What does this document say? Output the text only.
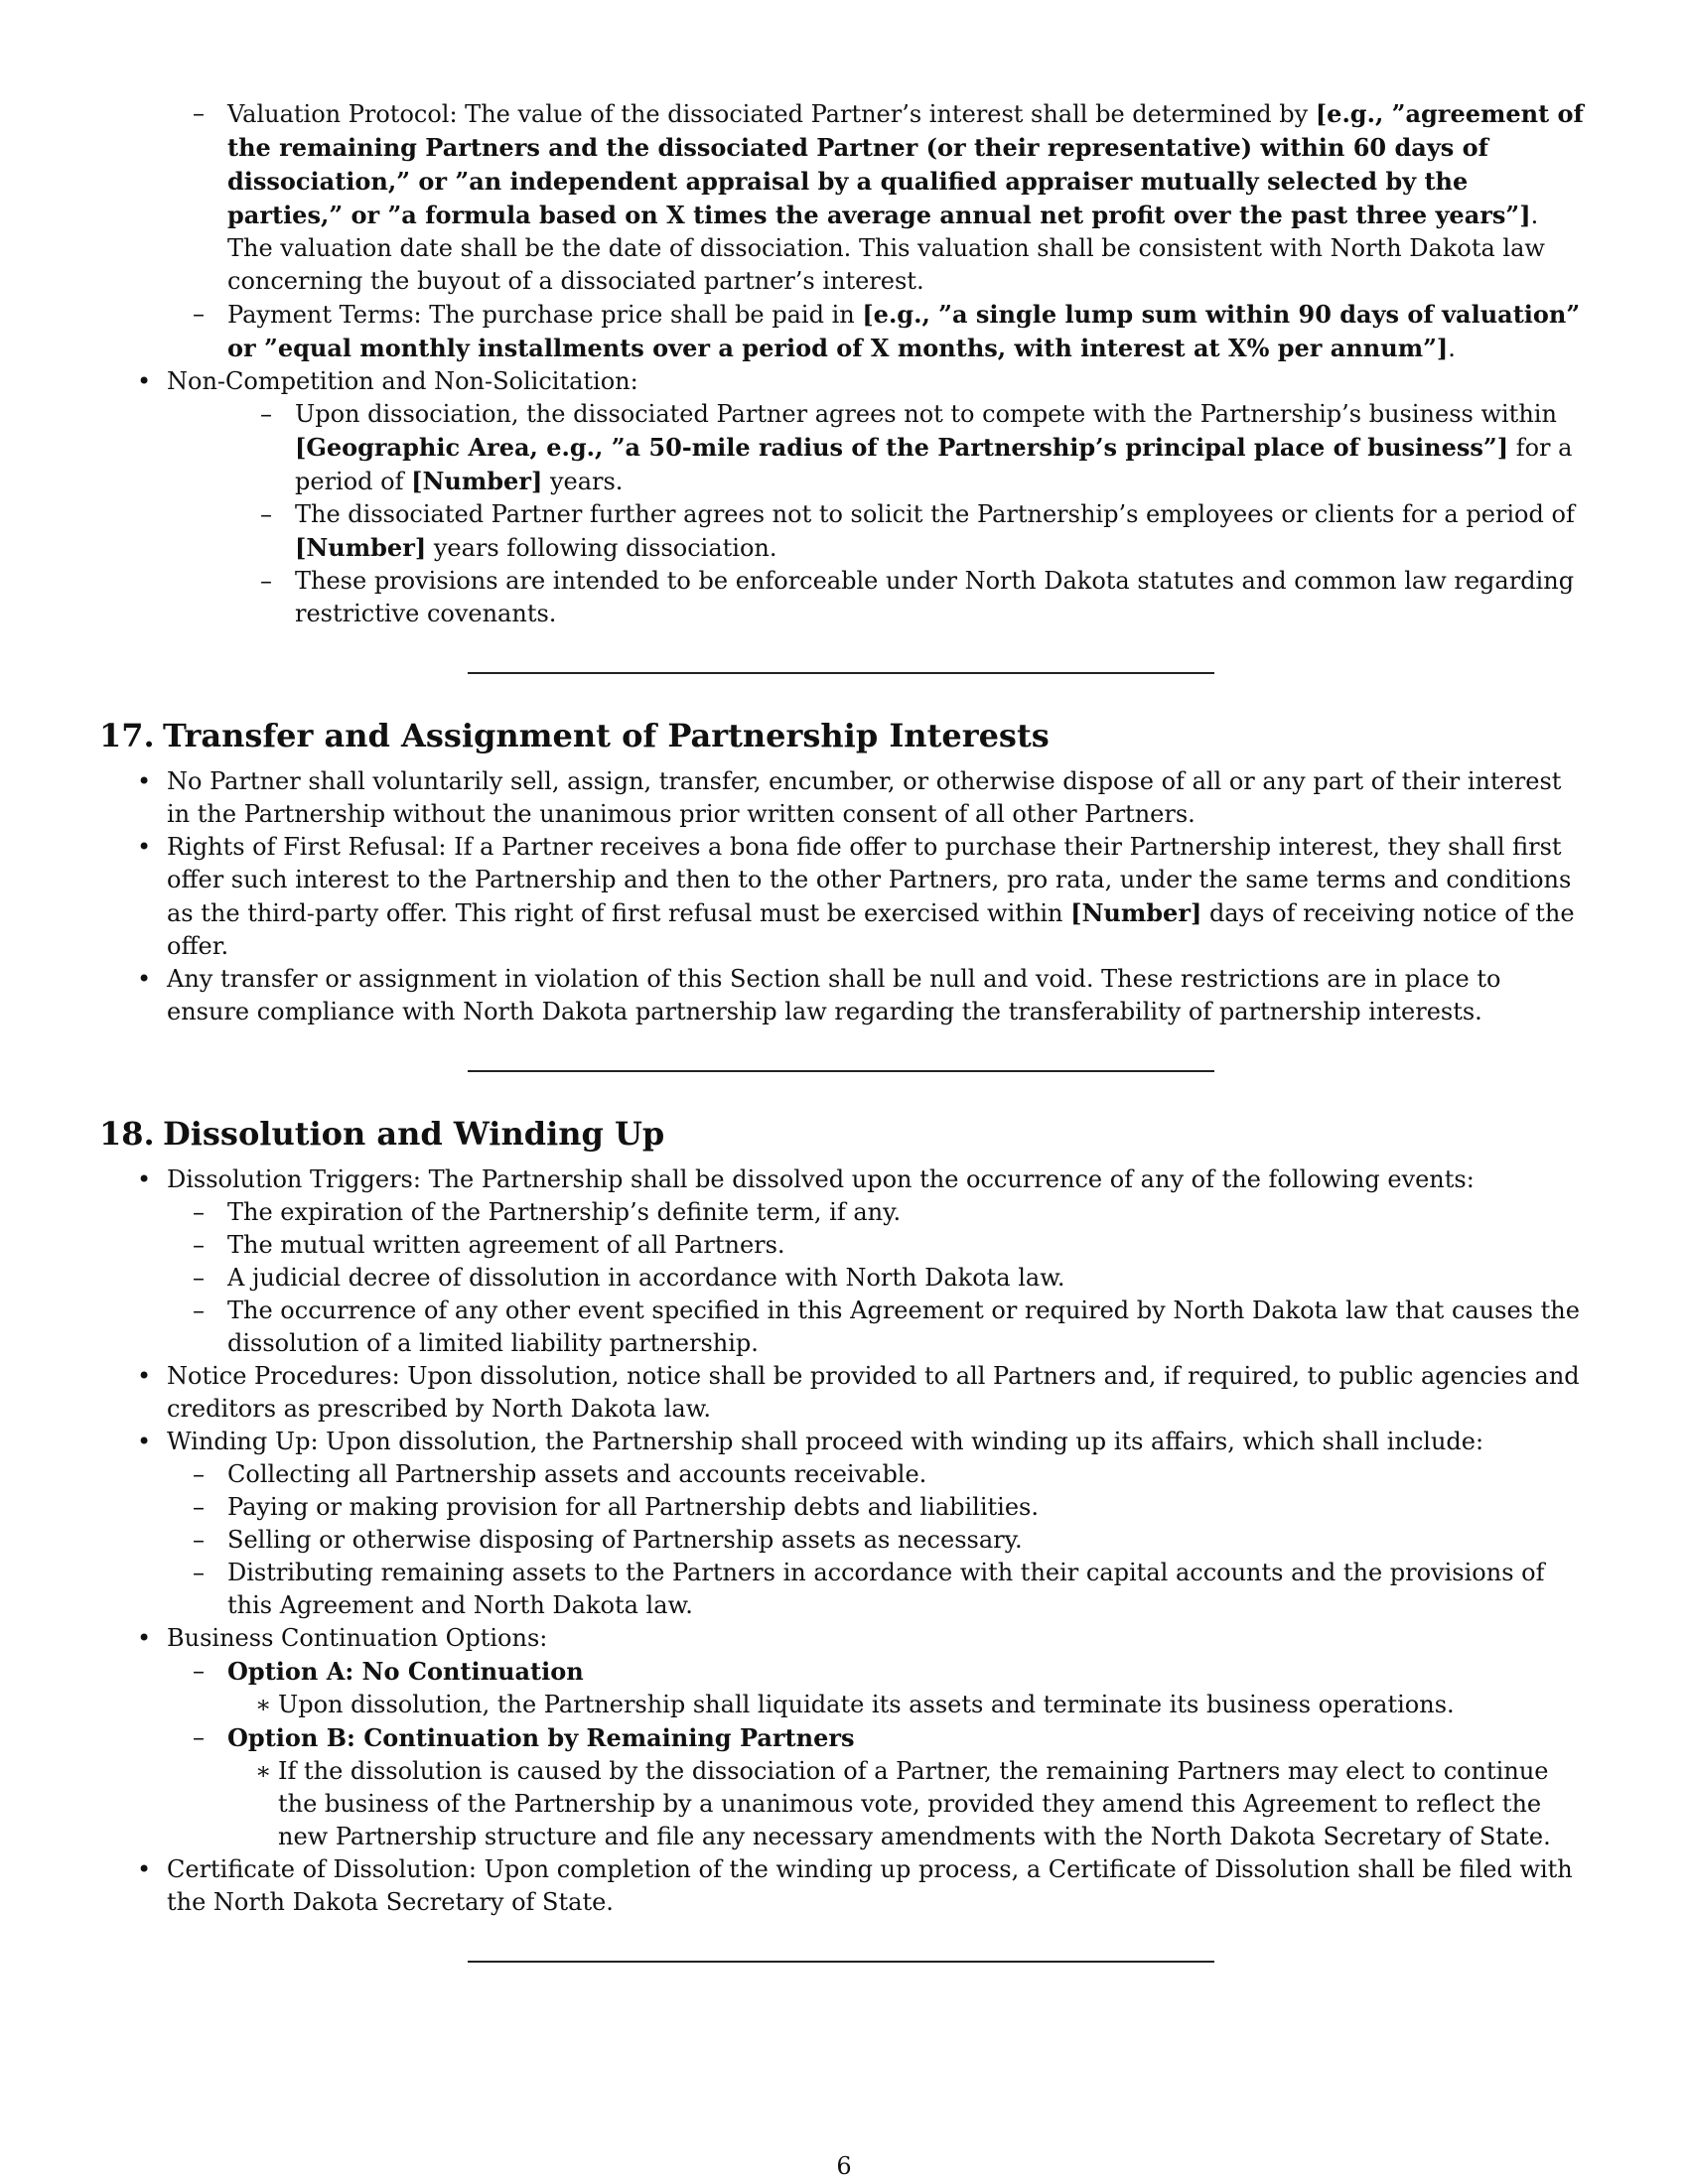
– Valuation Protocol: The value of the dissociated Partner’s interest shall be determined by [e.g., ”agreement of the remaining Partners and the dissociated Partner (or their representative) within 60 days of dissociation,” or ”an independent appraisal by a qualified appraiser mutually selected by the parties,” or ”a formula based on X times the average annual net profit over the past three years”]. The valuation date shall be the date of dissociation. This valuation shall be consistent with North Dakota law concerning the buyout of a dissociated partner’s interest.
– Payment Terms: The purchase price shall be paid in [e.g., ”a single lump sum within 90 days of valuation” or ”equal monthly installments over a period of X months, with interest at X% per annum”].
• Non-Competition and Non-Solicitation:
– Upon dissociation, the dissociated Partner agrees not to compete with the Partnership’s business within [Geographic Area, e.g., ”a 50-mile radius of the Partnership’s principal place of business”] for a period of [Number] years.
– The dissociated Partner further agrees not to solicit the Partnership’s employees or clients for a period of [Number] years following dissociation.
– These provisions are intended to be enforceable under North Dakota statutes and common law regarding restrictive covenants.
17. Transfer and Assignment of Partnership Interests
• No Partner shall voluntarily sell, assign, transfer, encumber, or otherwise dispose of all or any part of their interest in the Partnership without the unanimous prior written consent of all other Partners.
• Rights of First Refusal: If a Partner receives a bona fide offer to purchase their Partnership interest, they shall first offer such interest to the Partnership and then to the other Partners, pro rata, under the same terms and conditions as the third-party offer. This right of first refusal must be exercised within [Number] days of receiving notice of the offer.
• Any transfer or assignment in violation of this Section shall be null and void. These restrictions are in place to ensure compliance with North Dakota partnership law regarding the transferability of partnership interests.
18. Dissolution and Winding Up
• Dissolution Triggers: The Partnership shall be dissolved upon the occurrence of any of the following events:
– The expiration of the Partnership’s definite term, if any.
– The mutual written agreement of all Partners.
– A judicial decree of dissolution in accordance with North Dakota law.
– The occurrence of any other event specified in this Agreement or required by North Dakota law that causes the dissolution of a limited liability partnership.
• Notice Procedures: Upon dissolution, notice shall be provided to all Partners and, if required, to public agencies and creditors as prescribed by North Dakota law.
• Winding Up: Upon dissolution, the Partnership shall proceed with winding up its affairs, which shall include:
– Collecting all Partnership assets and accounts receivable.
– Paying or making provision for all Partnership debts and liabilities.
– Selling or otherwise disposing of Partnership assets as necessary.
– Distributing remaining assets to the Partners in accordance with their capital accounts and the provisions of this Agreement and North Dakota law.
• Business Continuation Options:
– Option A: No Continuation
∗ Upon dissolution, the Partnership shall liquidate its assets and terminate its business operations.
– Option B: Continuation by Remaining Partners
∗ If the dissolution is caused by the dissociation of a Partner, the remaining Partners may elect to continue the business of the Partnership by a unanimous vote, provided they amend this Agreement to reflect the new Partnership structure and file any necessary amendments with the North Dakota Secretary of State.
• Certificate of Dissolution: Upon completion of the winding up process, a Certificate of Dissolution shall be filed with the North Dakota Secretary of State.
6
